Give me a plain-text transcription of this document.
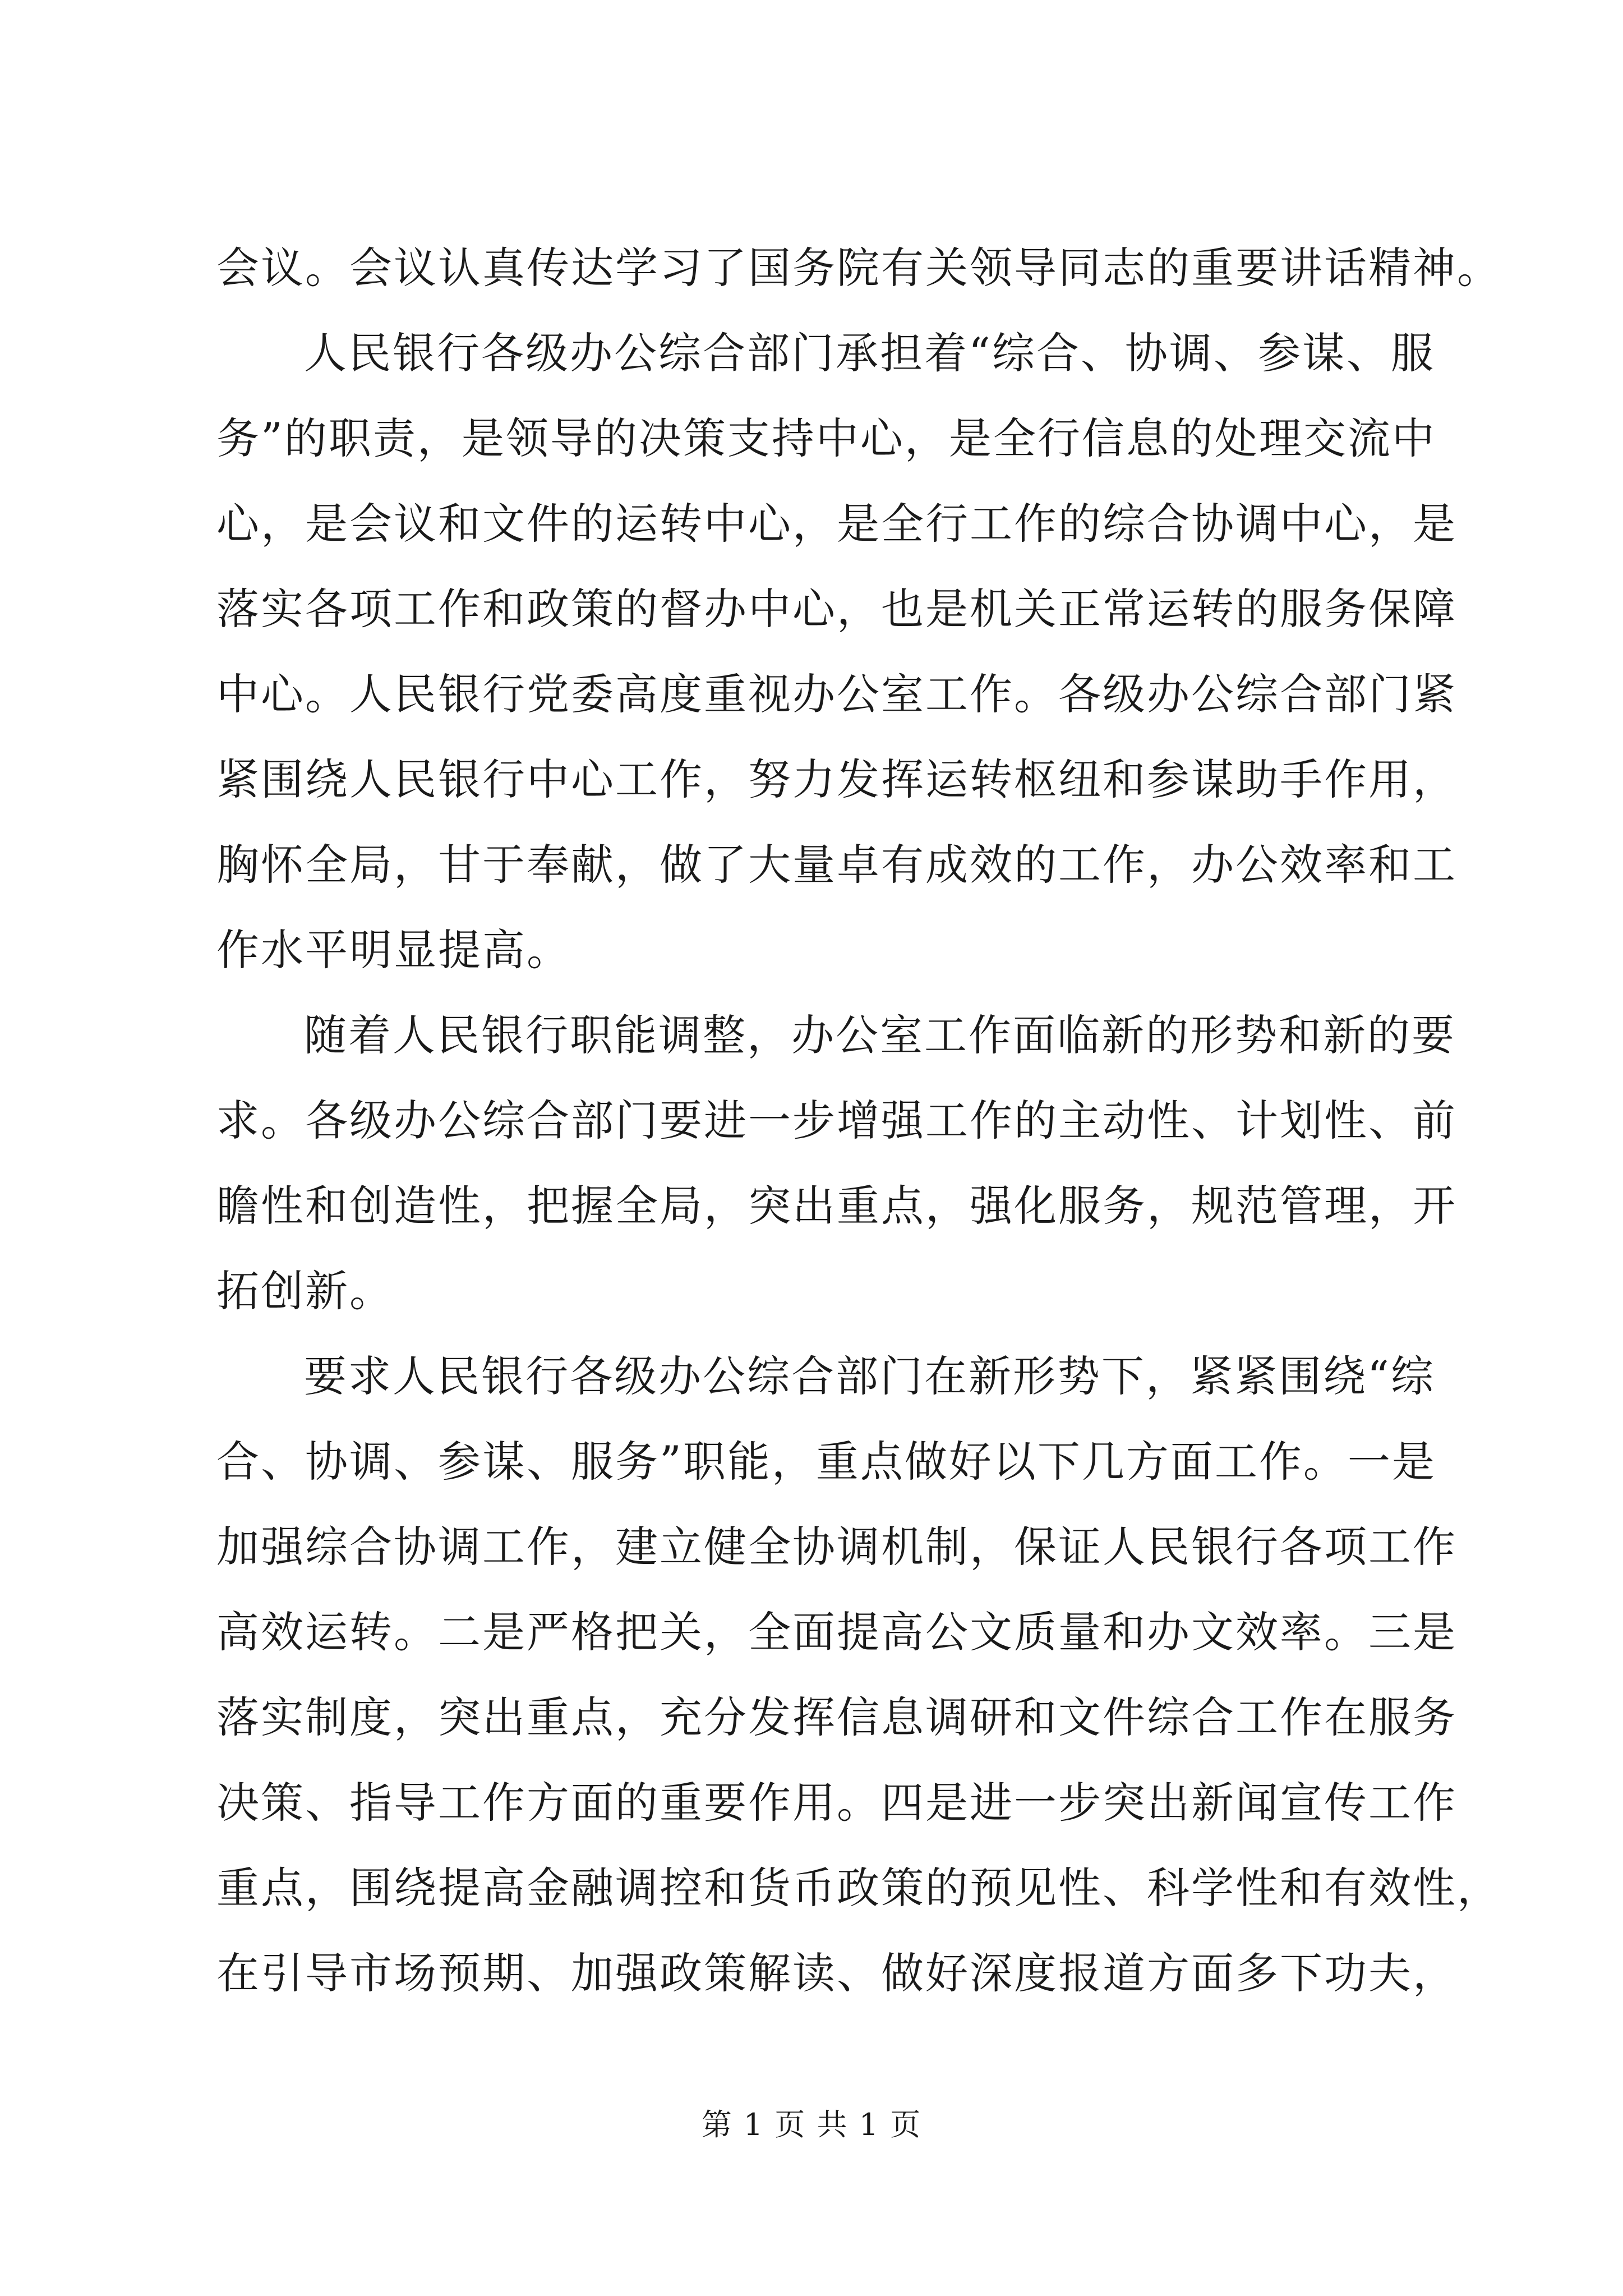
会议。会议认真传达学习了国务院有关领导同志的重要讲话精神。
人民银行各级办公综合部门承担着“综合、协调、参谋、服
务”的职责，是领导的决策支持中心，是全行信息的处理交流中
心，是会议和文件的运转中心，是全行工作的综合协调中心，是
落实各项工作和政策的督办中心，也是机关正常运转的服务保障
中心。人民银行党委高度重视办公室工作。各级办公综合部门紧
紧围绕人民银行中心工作，努力发挥运转枢纽和参谋助手作用，
胸怀全局，甘于奉献，做了大量卓有成效的工作，办公效率和工
作水平明显提高。
随着人民银行职能调整，办公室工作面临新的形势和新的要
求。各级办公综合部门要进一步增强工作的主动性、计划性、前
瞻性和创造性，把握全局，突出重点，强化服务，规范管理，开
拓创新。
要求人民银行各级办公综合部门在新形势下，紧紧围绕“综
合、协调、参谋、服务”职能，重点做好以下几方面工作。一是
加强综合协调工作，建立健全协调机制，保证人民银行各项工作
高效运转。二是严格把关，全面提高公文质量和办文效率。三是
落实制度，突出重点，充分发挥信息调研和文件综合工作在服务
决策、指导工作方面的重要作用。四是进一步突出新闻宣传工作
重点，围绕提高金融调控和货币政策的预见性、科学性和有效性，
在引导市场预期、加强政策解读、做好深度报道方面多下功夫，
第 1 页 共 1 页
